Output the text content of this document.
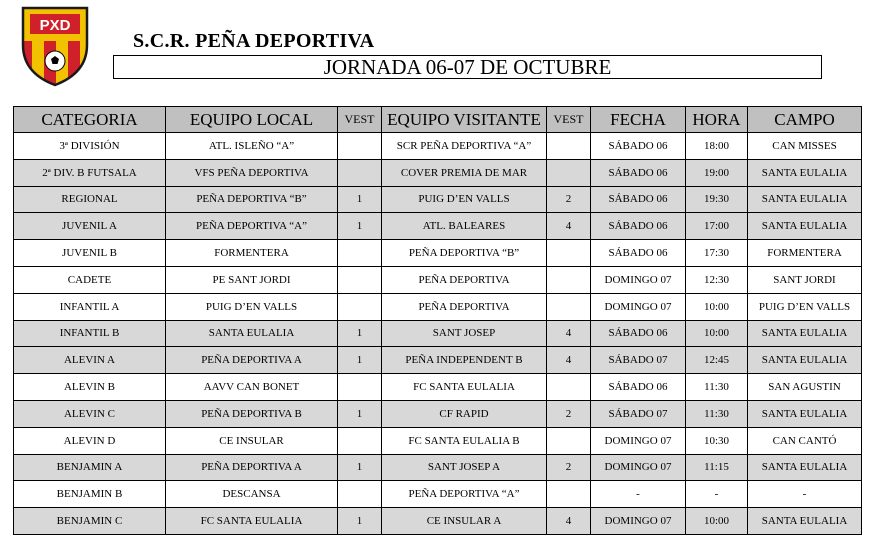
PXD
S.C.R. PEÑA DEPORTIVA
JORNADA 06-07 DE OCTUBRE
CATEGORIA	EQUIPO LOCAL	VEST	EQUIPO VISITANTE	VEST	FECHA	HORA	CAMPO
3ª DIVISIÓN	ATL. ISLEÑO “A”		SCR PEÑA DEPORTIVA “A”		SÁBADO 06	18:00	CAN MISSES
2ª DIV. B FUTSALA	VFS PEÑA DEPORTIVA		COVER PREMIA DE MAR		SÁBADO 06	19:00	SANTA EULALIA
REGIONAL	PEÑA DEPORTIVA “B”	1	PUIG D’EN VALLS	2	SÁBADO 06	19:30	SANTA EULALIA
JUVENIL A	PEÑA DEPORTIVA “A”	1	ATL. BALEARES	4	SÁBADO 06	17:00	SANTA EULALIA
JUVENIL B	FORMENTERA		PEÑA DEPORTIVA “B”		SÁBADO 06	17:30	FORMENTERA
CADETE	PE SANT JORDI		PEÑA DEPORTIVA		DOMINGO 07	12:30	SANT JORDI
INFANTIL A	PUIG D’EN VALLS		PEÑA DEPORTIVA		DOMINGO 07	10:00	PUIG D’EN VALLS
INFANTIL B	SANTA EULALIA	1	SANT JOSEP	4	SÁBADO 06	10:00	SANTA EULALIA
ALEVIN A	PEÑA DEPORTIVA A	1	PEÑA INDEPENDENT B	4	SÁBADO 07	12:45	SANTA EULALIA
ALEVIN B	AAVV CAN BONET		FC SANTA EULALIA		SÁBADO 06	11:30	SAN AGUSTIN
ALEVIN C	PEÑA DEPORTIVA B	1	CF RAPID	2	SÁBADO 07	11:30	SANTA EULALIA
ALEVIN D	CE INSULAR		FC SANTA EULALIA B		DOMINGO 07	10:30	CAN CANTÓ
BENJAMIN A	PEÑA DEPORTIVA A	1	SANT JOSEP A	2	DOMINGO 07	11:15	SANTA EULALIA
BENJAMIN B	DESCANSA		PEÑA DEPORTIVA “A”		-	-	-
BENJAMIN C	FC SANTA EULALIA	1	CE INSULAR A	4	DOMINGO 07	10:00	SANTA EULALIA
